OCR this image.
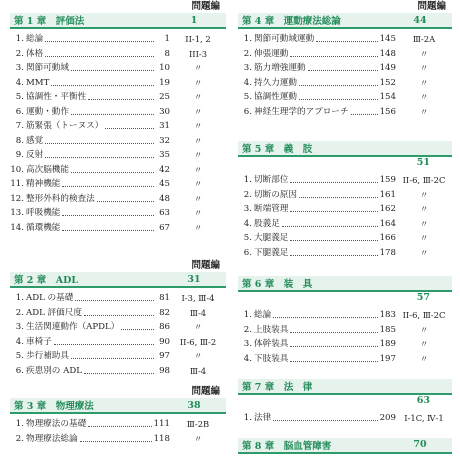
問題編
第 1 章　評価法	1
1. 総論	1	II-1, 2
2. 体格	8	III-3
3. 関節可動域	10	〃
4. MMT	19	〃
5. 協調性・平衡性	25	〃
6. 運動・動作	30	〃
7. 筋緊張（トーヌス）	31	〃
8. 感覚	32	〃
9. 反射	35	〃
10. 高次脳機能	42	〃
11. 精神機能	45	〃
12. 整形外科的検査法	48	〃
13. 呼吸機能	63	〃
14. 循環機能	67	〃
問題編
第 2 章　ADL	31
1. ADL の基礎	81	I-3, Ⅲ-4
2. ADL 評価尺度	82	Ⅲ-4
3. 生活関連動作（APDL）	86	〃
4. 車椅子	90	II-6, Ⅲ-2
5. 歩行補助具	97	〃
6. 疾患別の ADL	98	Ⅲ-4
問題編
第 3 章　物理療法	38
1. 物理療法の基礎	111	Ⅲ-2B
2. 物理療法総論	118	〃
問題編
第 4 章　運動療法総論	44
1. 関節可動域運動	145	Ⅲ-2A
2. 伸張運動	148	〃
3. 筋力増強運動	149	〃
4. 持久力運動	152	〃
5. 協調性運動	154	〃
6. 神経生理学的アプローチ	156	〃
第 5 章　義　肢
51
1. 切断部位	159 II-6, Ⅲ-2C
2. 切断の原因	161	〃
3. 断端管理	162	〃
4. 股義足	164	〃
5. 大腿義足	166	〃
6. 下腿義足	178	〃
第 6 章　装　具
57
1. 総論	183 II-6, Ⅲ-2C
2. 上肢装具	185	〃
3. 体幹装具	189	〃
4. 下肢装具	197	〃
第 7 章　法　律
63
1. 法律	209 I-1C, Ⅳ-1
第 8 章　脳血管障害	70
